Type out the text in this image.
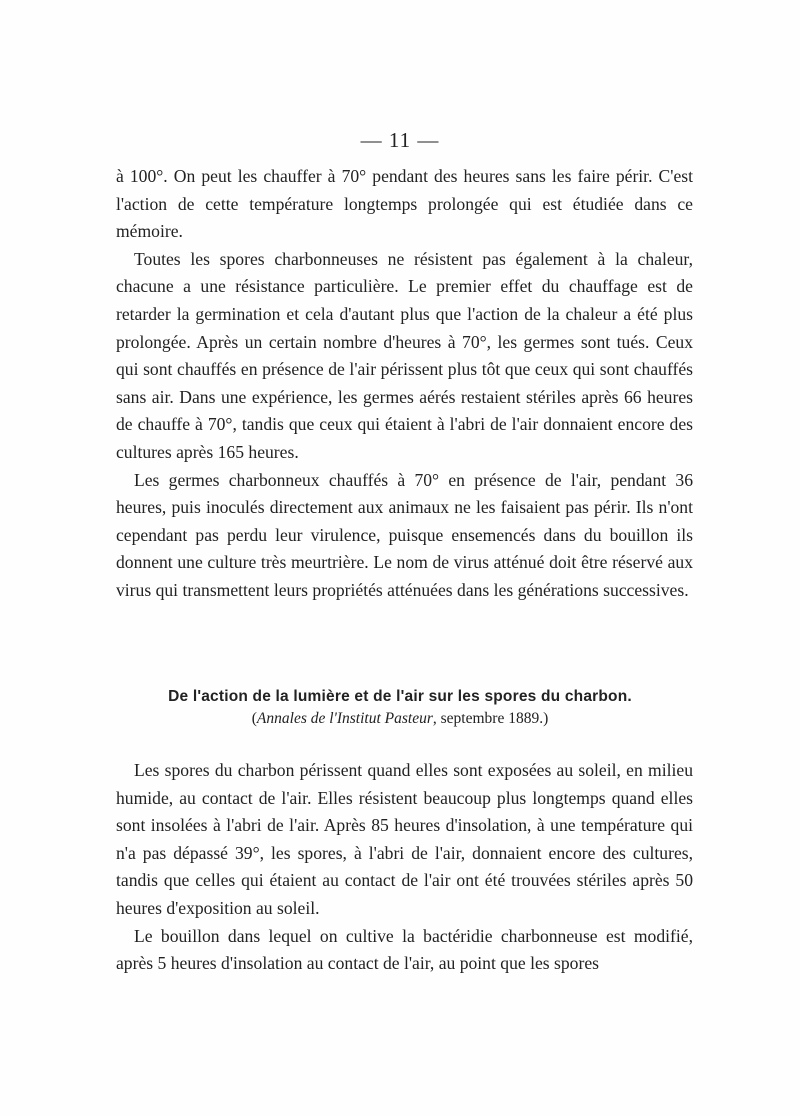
— 11 —

à 100°. On peut les chauffer à 70° pendant des heures sans les faire périr. C'est l'action de cette température longtemps prolongée qui est étudiée dans ce mémoire.

Toutes les spores charbonneuses ne résistent pas également à la chaleur, chacune a une résistance particulière. Le premier effet du chauffage est de retarder la germination et cela d'autant plus que l'action de la chaleur a été plus prolongée. Après un certain nombre d'heures à 70°, les germes sont tués. Ceux qui sont chauffés en présence de l'air périssent plus tôt que ceux qui sont chauffés sans air. Dans une expérience, les germes aérés restaient stériles après 66 heures de chauffe à 70°, tandis que ceux qui étaient à l'abri de l'air donnaient encore des cultures après 165 heures.

Les germes charbonneux chauffés à 70° en présence de l'air, pendant 36 heures, puis inoculés directement aux animaux ne les faisaient pas périr. Ils n'ont cependant pas perdu leur virulence, puisque ensemencés dans du bouillon ils donnent une culture très meurtrière. Le nom de virus atténué doit être réservé aux virus qui transmettent leurs propriétés atténuées dans les générations successives.

De l'action de la lumière et de l'air sur les spores du charbon.
(Annales de l'Institut Pasteur, septembre 1889.)

Les spores du charbon périssent quand elles sont exposées au soleil, en milieu humide, au contact de l'air. Elles résistent beaucoup plus longtemps quand elles sont insolées à l'abri de l'air. Après 85 heures d'insolation, à une température qui n'a pas dépassé 39°, les spores, à l'abri de l'air, donnaient encore des cultures, tandis que celles qui étaient au contact de l'air ont été trouvées stériles après 50 heures d'exposition au soleil.

Le bouillon dans lequel on cultive la bactéridie charbonneuse est modifié, après 5 heures d'insolation au contact de l'air, au point que les spores
